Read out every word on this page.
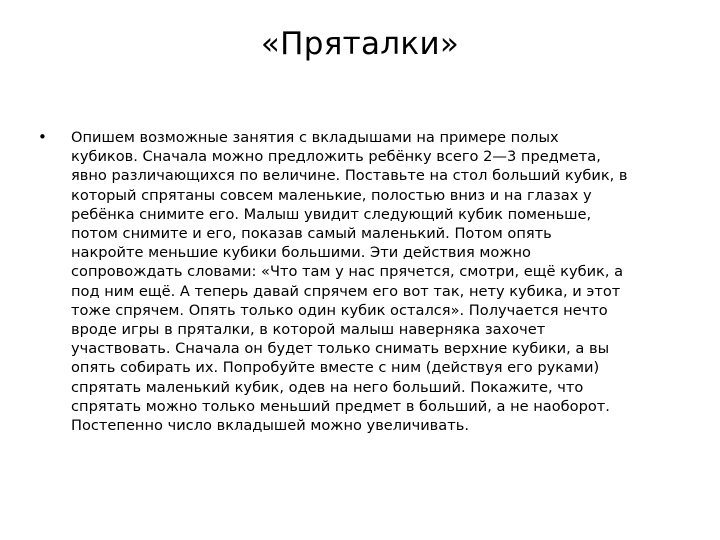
«Пряталки»
• Опишем возможные занятия с вкладышами на примере полых
кубиков. Сначала можно предложить ребёнку всего 2—3 предмета,
явно различающихся по величине. Поставьте на стол больший кубик, в
который спрятаны совсем маленькие, полостью вниз и на глазах у
ребёнка снимите его. Малыш увидит следующий кубик поменьше,
потом снимите и его, показав самый маленький. Потом опять
накройте меньшие кубики большими. Эти действия можно
сопровождать словами: «Что там у нас прячется, смотри, ещё кубик, а
под ним ещё. А теперь давай спрячем его вот так, нету кубика, и этот
тоже спрячем. Опять только один кубик остался». Получается нечто
вроде игры в пряталки, в которой малыш наверняка захочет
участвовать. Сначала он будет только снимать верхние кубики, а вы
опять собирать их. Попробуйте вместе с ним (действуя его руками)
спрятать маленький кубик, одев на него больший. Покажите, что
спрятать можно только меньший предмет в больший, а не наоборот.
Постепенно число вкладышей можно увеличивать.
